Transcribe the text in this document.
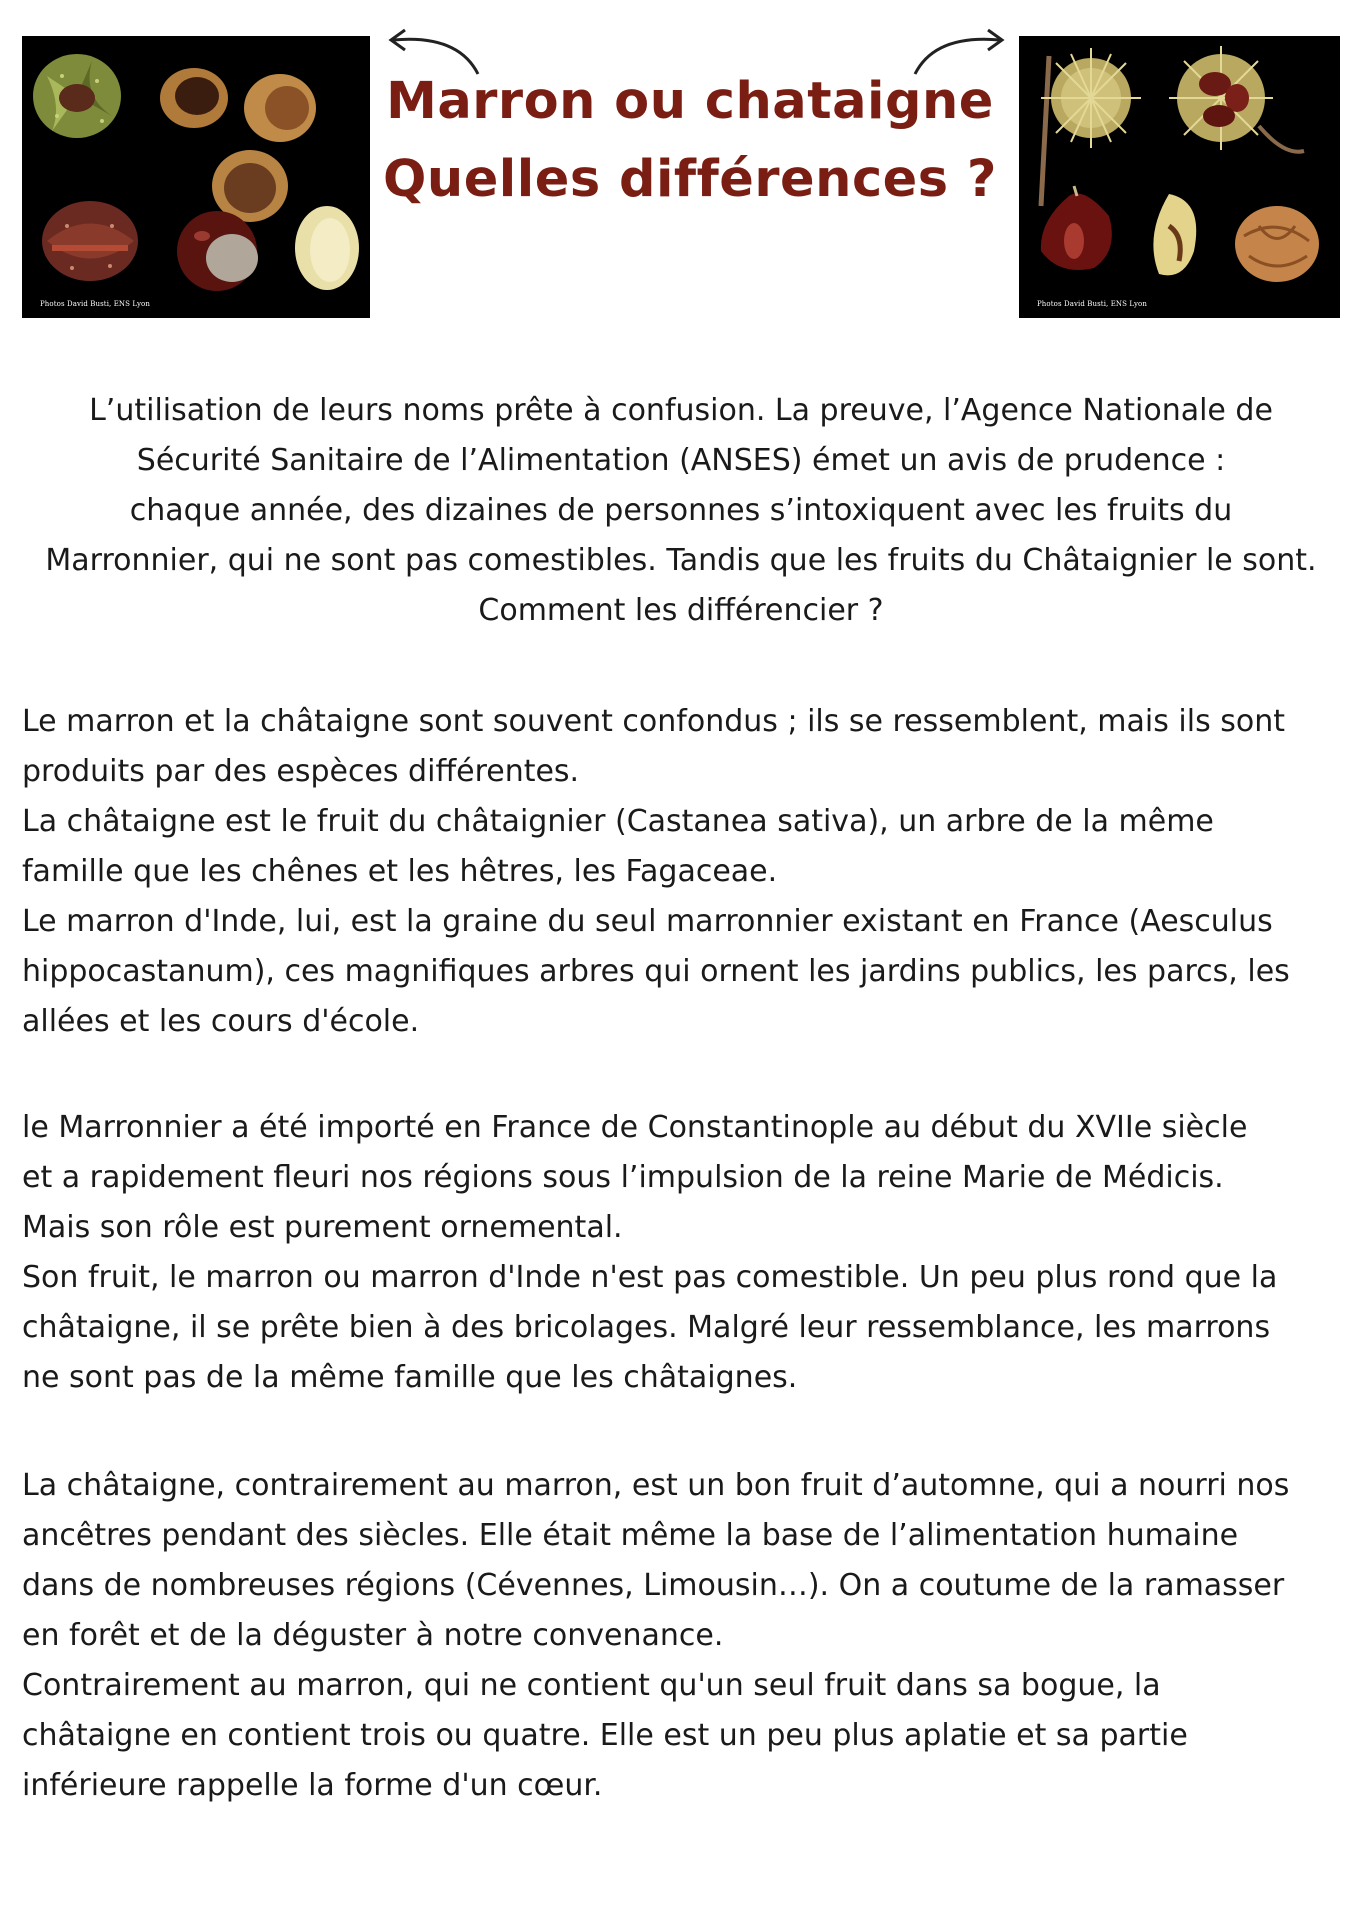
Photos David Busti, ENS Lyon	Photos David Busti, ENS Lyon
Marron ou chataigne
Quelles différences ?

L’utilisation de leurs noms prête à confusion. La preuve, l’Agence Nationale de
Sécurité Sanitaire de l’Alimentation (ANSES) émet un avis de prudence :
chaque année, des dizaines de personnes s’intoxiquent avec les fruits du
Marronnier, qui ne sont pas comestibles. Tandis que les fruits du Châtaignier le sont.
Comment les différencier ?

Le marron et la châtaigne sont souvent confondus ; ils se ressemblent, mais ils sont
produits par des espèces différentes.
La châtaigne est le fruit du châtaignier (Castanea sativa), un arbre de la même
famille que les chênes et les hêtres, les Fagaceae.
Le marron d'Inde, lui, est la graine du seul marronnier existant en France (Aesculus
hippocastanum), ces magnifiques arbres qui ornent les jardins publics, les parcs, les
allées et les cours d'école.

le Marronnier a été importé en France de Constantinople au début du XVIIe siècle
et a rapidement fleuri nos régions sous l’impulsion de la reine Marie de Médicis.
Mais son rôle est purement ornemental.
Son fruit, le marron ou marron d'Inde n'est pas comestible. Un peu plus rond que la
châtaigne, il se prête bien à des bricolages. Malgré leur ressemblance, les marrons
ne sont pas de la même famille que les châtaignes.

La châtaigne, contrairement au marron, est un bon fruit d’automne, qui a nourri nos
ancêtres pendant des siècles. Elle était même la base de l’alimentation humaine
dans de nombreuses régions (Cévennes, Limousin…). On a coutume de la ramasser
en forêt et de la déguster à notre convenance.
Contrairement au marron, qui ne contient qu'un seul fruit dans sa bogue, la
châtaigne en contient trois ou quatre. Elle est un peu plus aplatie et sa partie
inférieure rappelle la forme d'un cœur.
